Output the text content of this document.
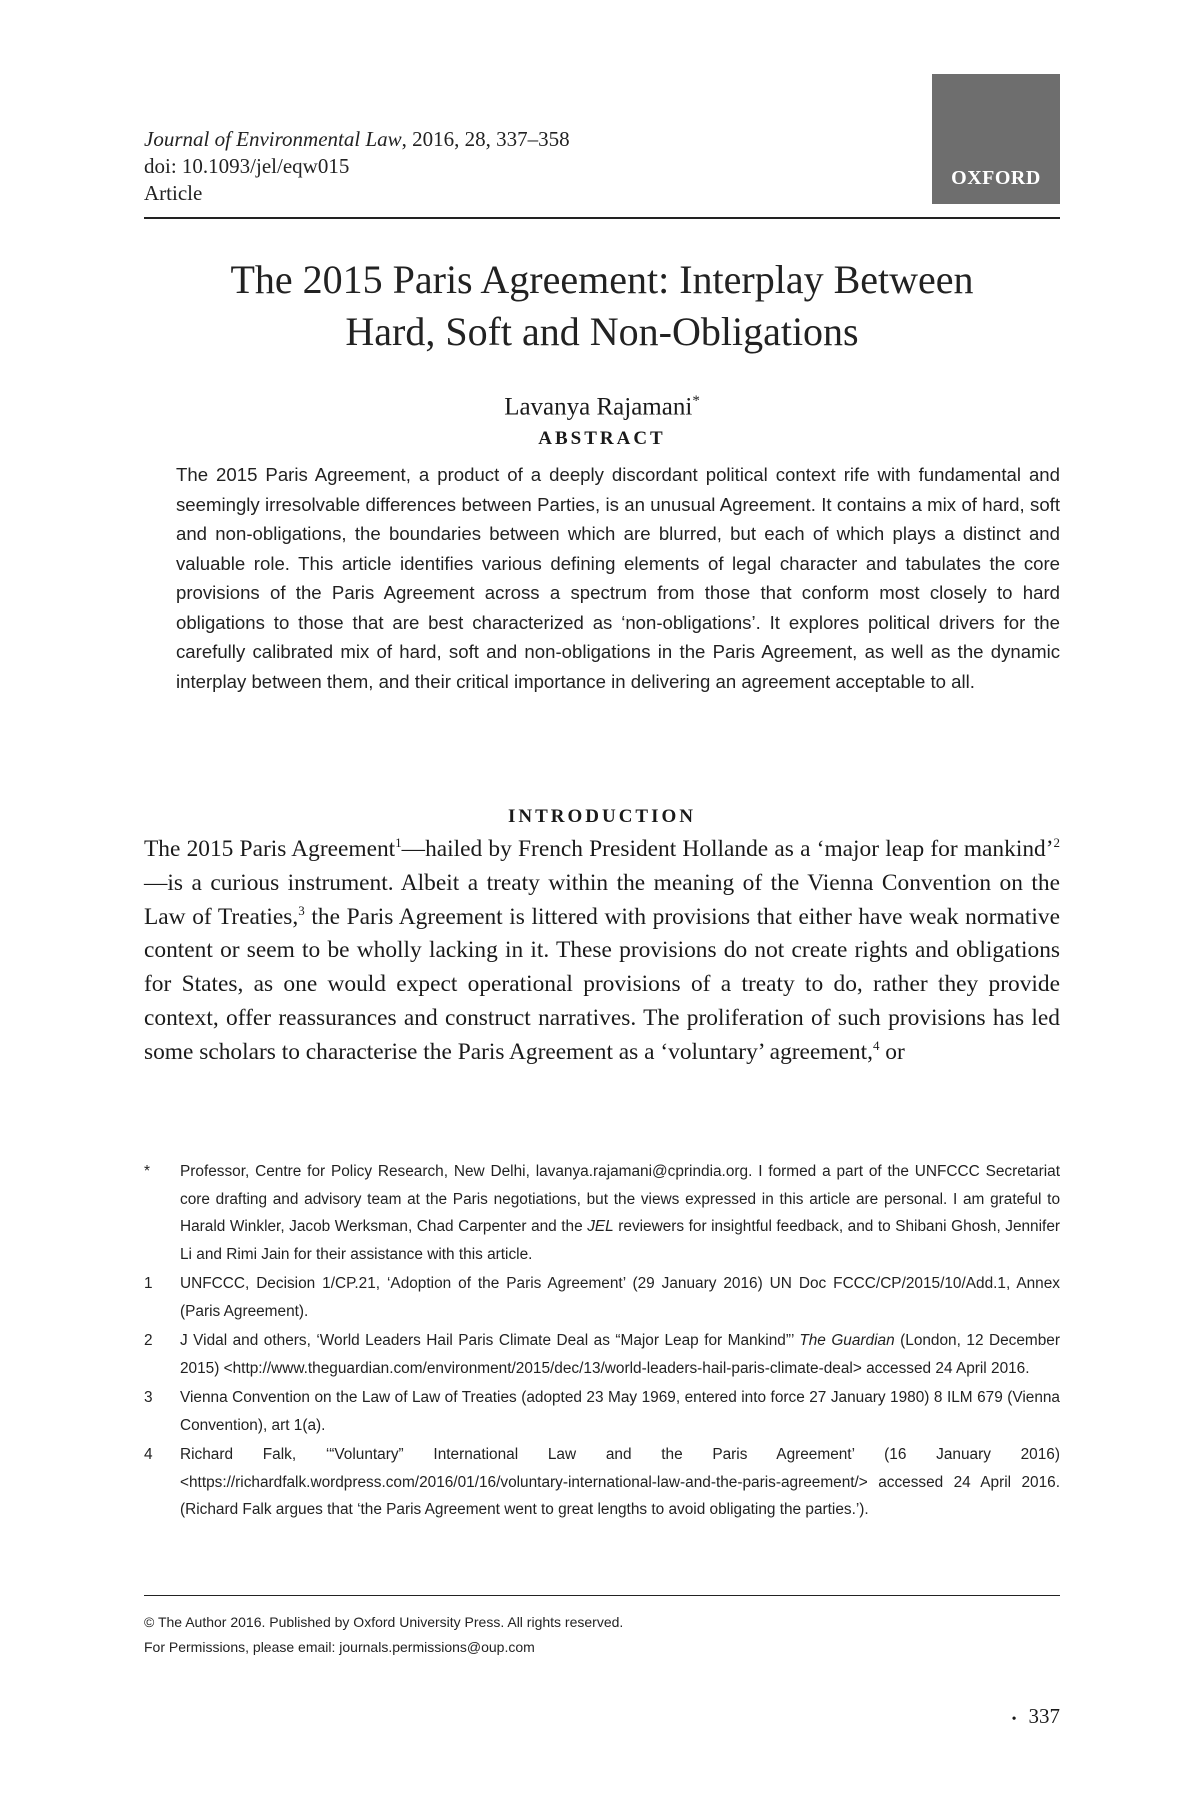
Journal of Environmental Law, 2016, 28, 337–358
doi: 10.1093/jel/eqw015
Article
OXFORD
The 2015 Paris Agreement: Interplay Between
Hard, Soft and Non-Obligations
Lavanya Rajamani*
ABSTRACT
The 2015 Paris Agreement, a product of a deeply discordant political context rife with fundamental and seemingly irresolvable differences between Parties, is an unusual Agreement. It contains a mix of hard, soft and non-obligations, the boundaries between which are blurred, but each of which plays a distinct and valuable role. This article identifies various defining elements of legal character and tabulates the core provisions of the Paris Agreement across a spectrum from those that conform most closely to hard obligations to those that are best characterized as ‘non-obligations’. It explores political drivers for the carefully calibrated mix of hard, soft and non-obligations in the Paris Agreement, as well as the dynamic interplay between them, and their critical importance in delivering an agreement acceptable to all.
INTRODUCTION
The 2015 Paris Agreement$^1$—hailed by French President Hollande as a ‘major leap for mankind’$^2$—is a curious instrument. Albeit a treaty within the meaning of the Vienna Convention on the Law of Treaties,$^3$ the Paris Agreement is littered with provisions that either have weak normative content or seem to be wholly lacking in it. These provisions do not create rights and obligations for States, as one would expect operational provisions of a treaty to do, rather they provide context, offer reassurances and construct narratives. The proliferation of such provisions has led some scholars to characterise the Paris Agreement as a ‘voluntary’ agreement,$^4$ or
*	Professor, Centre for Policy Research, New Delhi, lavanya.rajamani@cprindia.org. I formed a part of the UNFCCC Secretariat core drafting and advisory team at the Paris negotiations, but the views expressed in this article are personal. I am grateful to Harald Winkler, Jacob Werksman, Chad Carpenter and the JEL reviewers for insightful feedback, and to Shibani Ghosh, Jennifer Li and Rimi Jain for their assistance with this article.
1	UNFCCC, Decision 1/CP.21, ‘Adoption of the Paris Agreement’ (29 January 2016) UN Doc FCCC/CP/2015/10/Add.1, Annex (Paris Agreement).
2	J Vidal and others, ‘World Leaders Hail Paris Climate Deal as “Major Leap for Mankind”’ The Guardian (London, 12 December 2015) <http://www.theguardian.com/environment/2015/dec/13/world-leaders-hail-paris-climate-deal> accessed 24 April 2016.
3	Vienna Convention on the Law of Law of Treaties (adopted 23 May 1969, entered into force 27 January 1980) 8 ILM 679 (Vienna Convention), art 1(a).
4	Richard Falk, ‘“Voluntary” International Law and the Paris Agreement’ (16 January 2016) <https://richardfalk.wordpress.com/2016/01/16/voluntary-international-law-and-the-paris-agreement/> accessed 24 April 2016. (Richard Falk argues that ‘the Paris Agreement went to great lengths to avoid obligating the parties.’).
© The Author 2016. Published by Oxford University Press. All rights reserved.
For Permissions, please email: journals.permissions@oup.com
• 337
